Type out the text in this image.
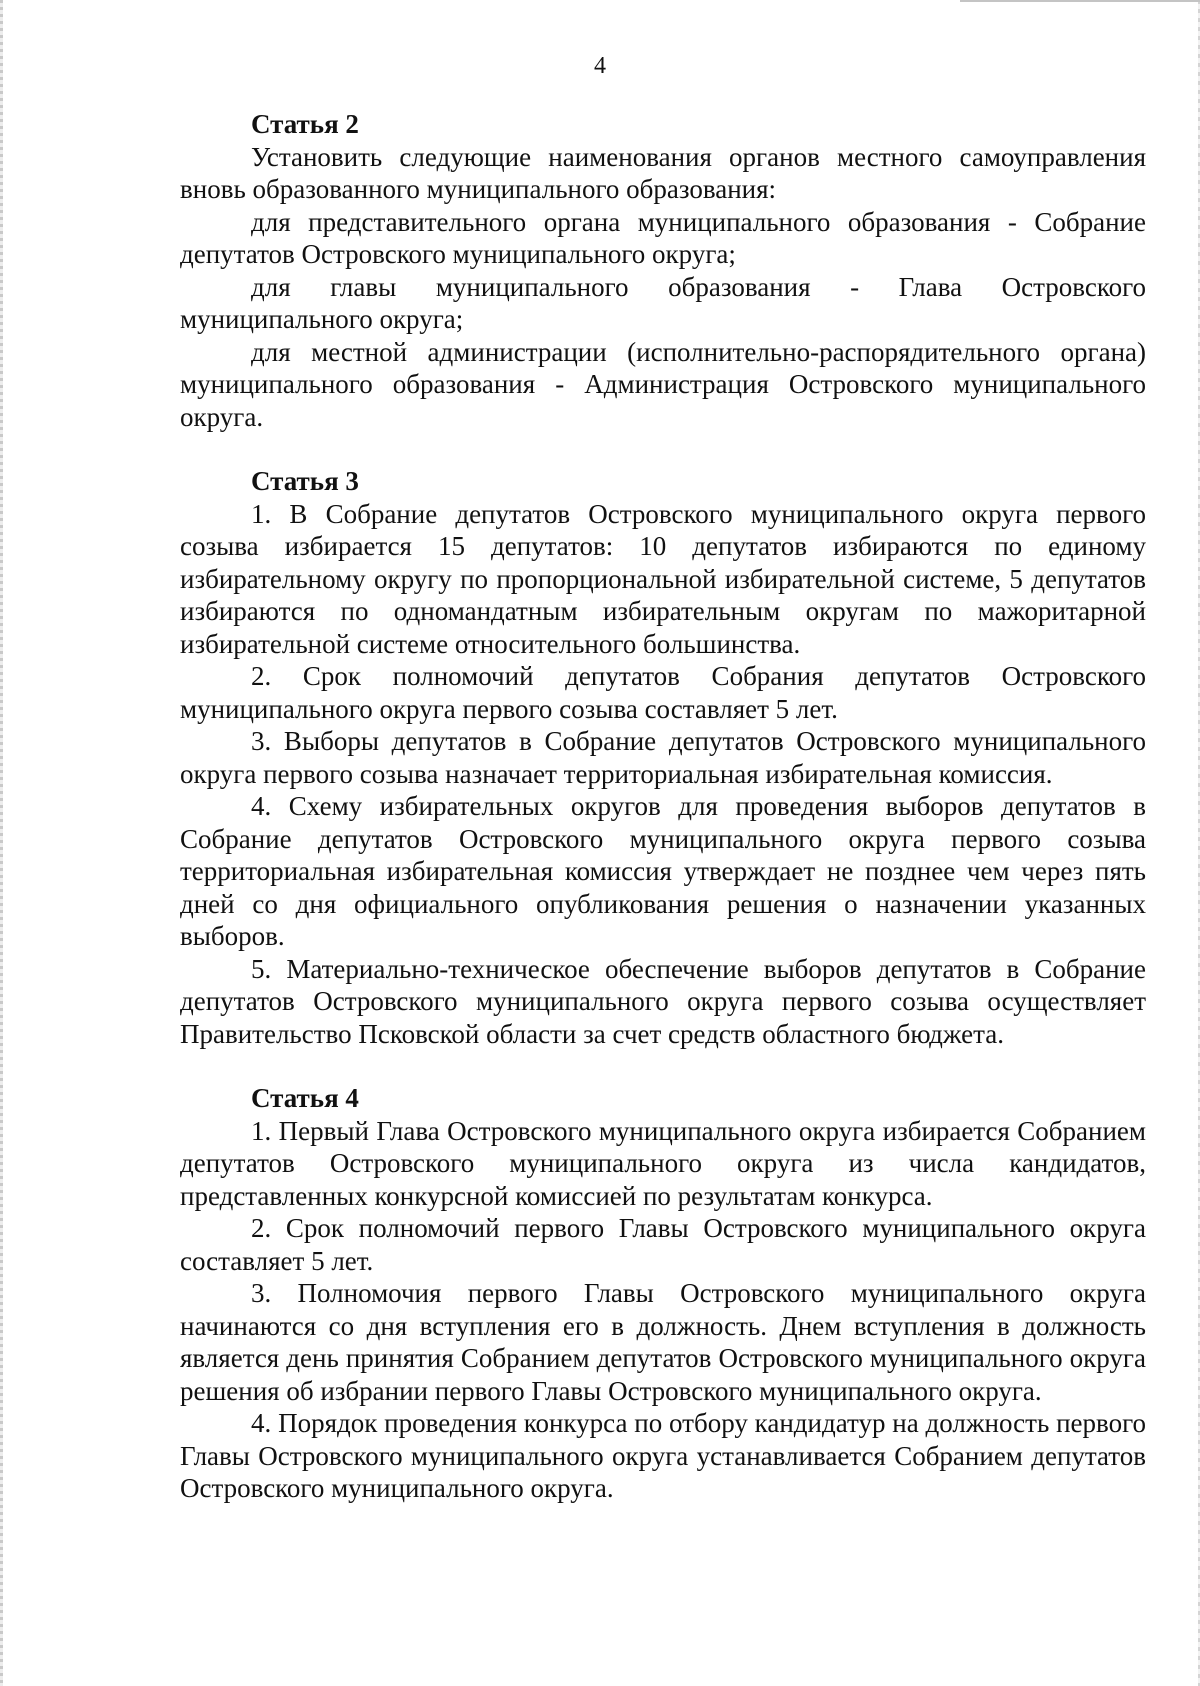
4
Статья 2

Установить следующие наименования органов местного самоуправления вновь образованного муниципального образования:

для представительного органа муниципального образования - Собрание депутатов Островского муниципального округа;

для главы муниципального образования - Глава Островского муниципального округа;

для местной администрации (исполнительно-распорядительного органа) муниципального образования - Администрация Островского муниципального округа.

Статья 3

1. В Собрание депутатов Островского муниципального округа первого созыва избирается 15 депутатов: 10 депутатов избираются по единому избирательному округу по пропорциональной избирательной системе, 5 депутатов избираются по одномандатным избирательным округам по мажоритарной избирательной системе относительного большинства.

2. Срок полномочий депутатов Собрания депутатов Островского муниципального округа первого созыва составляет 5 лет.

3. Выборы депутатов в Собрание депутатов Островского муниципального округа первого созыва назначает территориальная избирательная комиссия.

4. Схему избирательных округов для проведения выборов депутатов в Собрание депутатов Островского муниципального округа первого созыва территориальная избирательная комиссия утверждает не позднее чем через пять дней со дня официального опубликования решения о назначении указанных выборов.

5. Материально-техническое обеспечение выборов депутатов в Собрание депутатов Островского муниципального округа первого созыва осуществляет Правительство Псковской области за счет средств областного бюджета.

Статья 4

1. Первый Глава Островского муниципального округа избирается Собранием депутатов Островского муниципального округа из числа кандидатов, представленных конкурсной комиссией по результатам конкурса.

2. Срок полномочий первого Главы Островского муниципального округа составляет 5 лет.

3. Полномочия первого Главы Островского муниципального округа начинаются со дня вступления его в должность. Днем вступления в должность является день принятия Собранием депутатов Островского муниципального округа решения об избрании первого Главы Островского муниципального округа.

4. Порядок проведения конкурса по отбору кандидатур на должность первого Главы Островского муниципального округа устанавливается Собранием депутатов Островского муниципального округа.
